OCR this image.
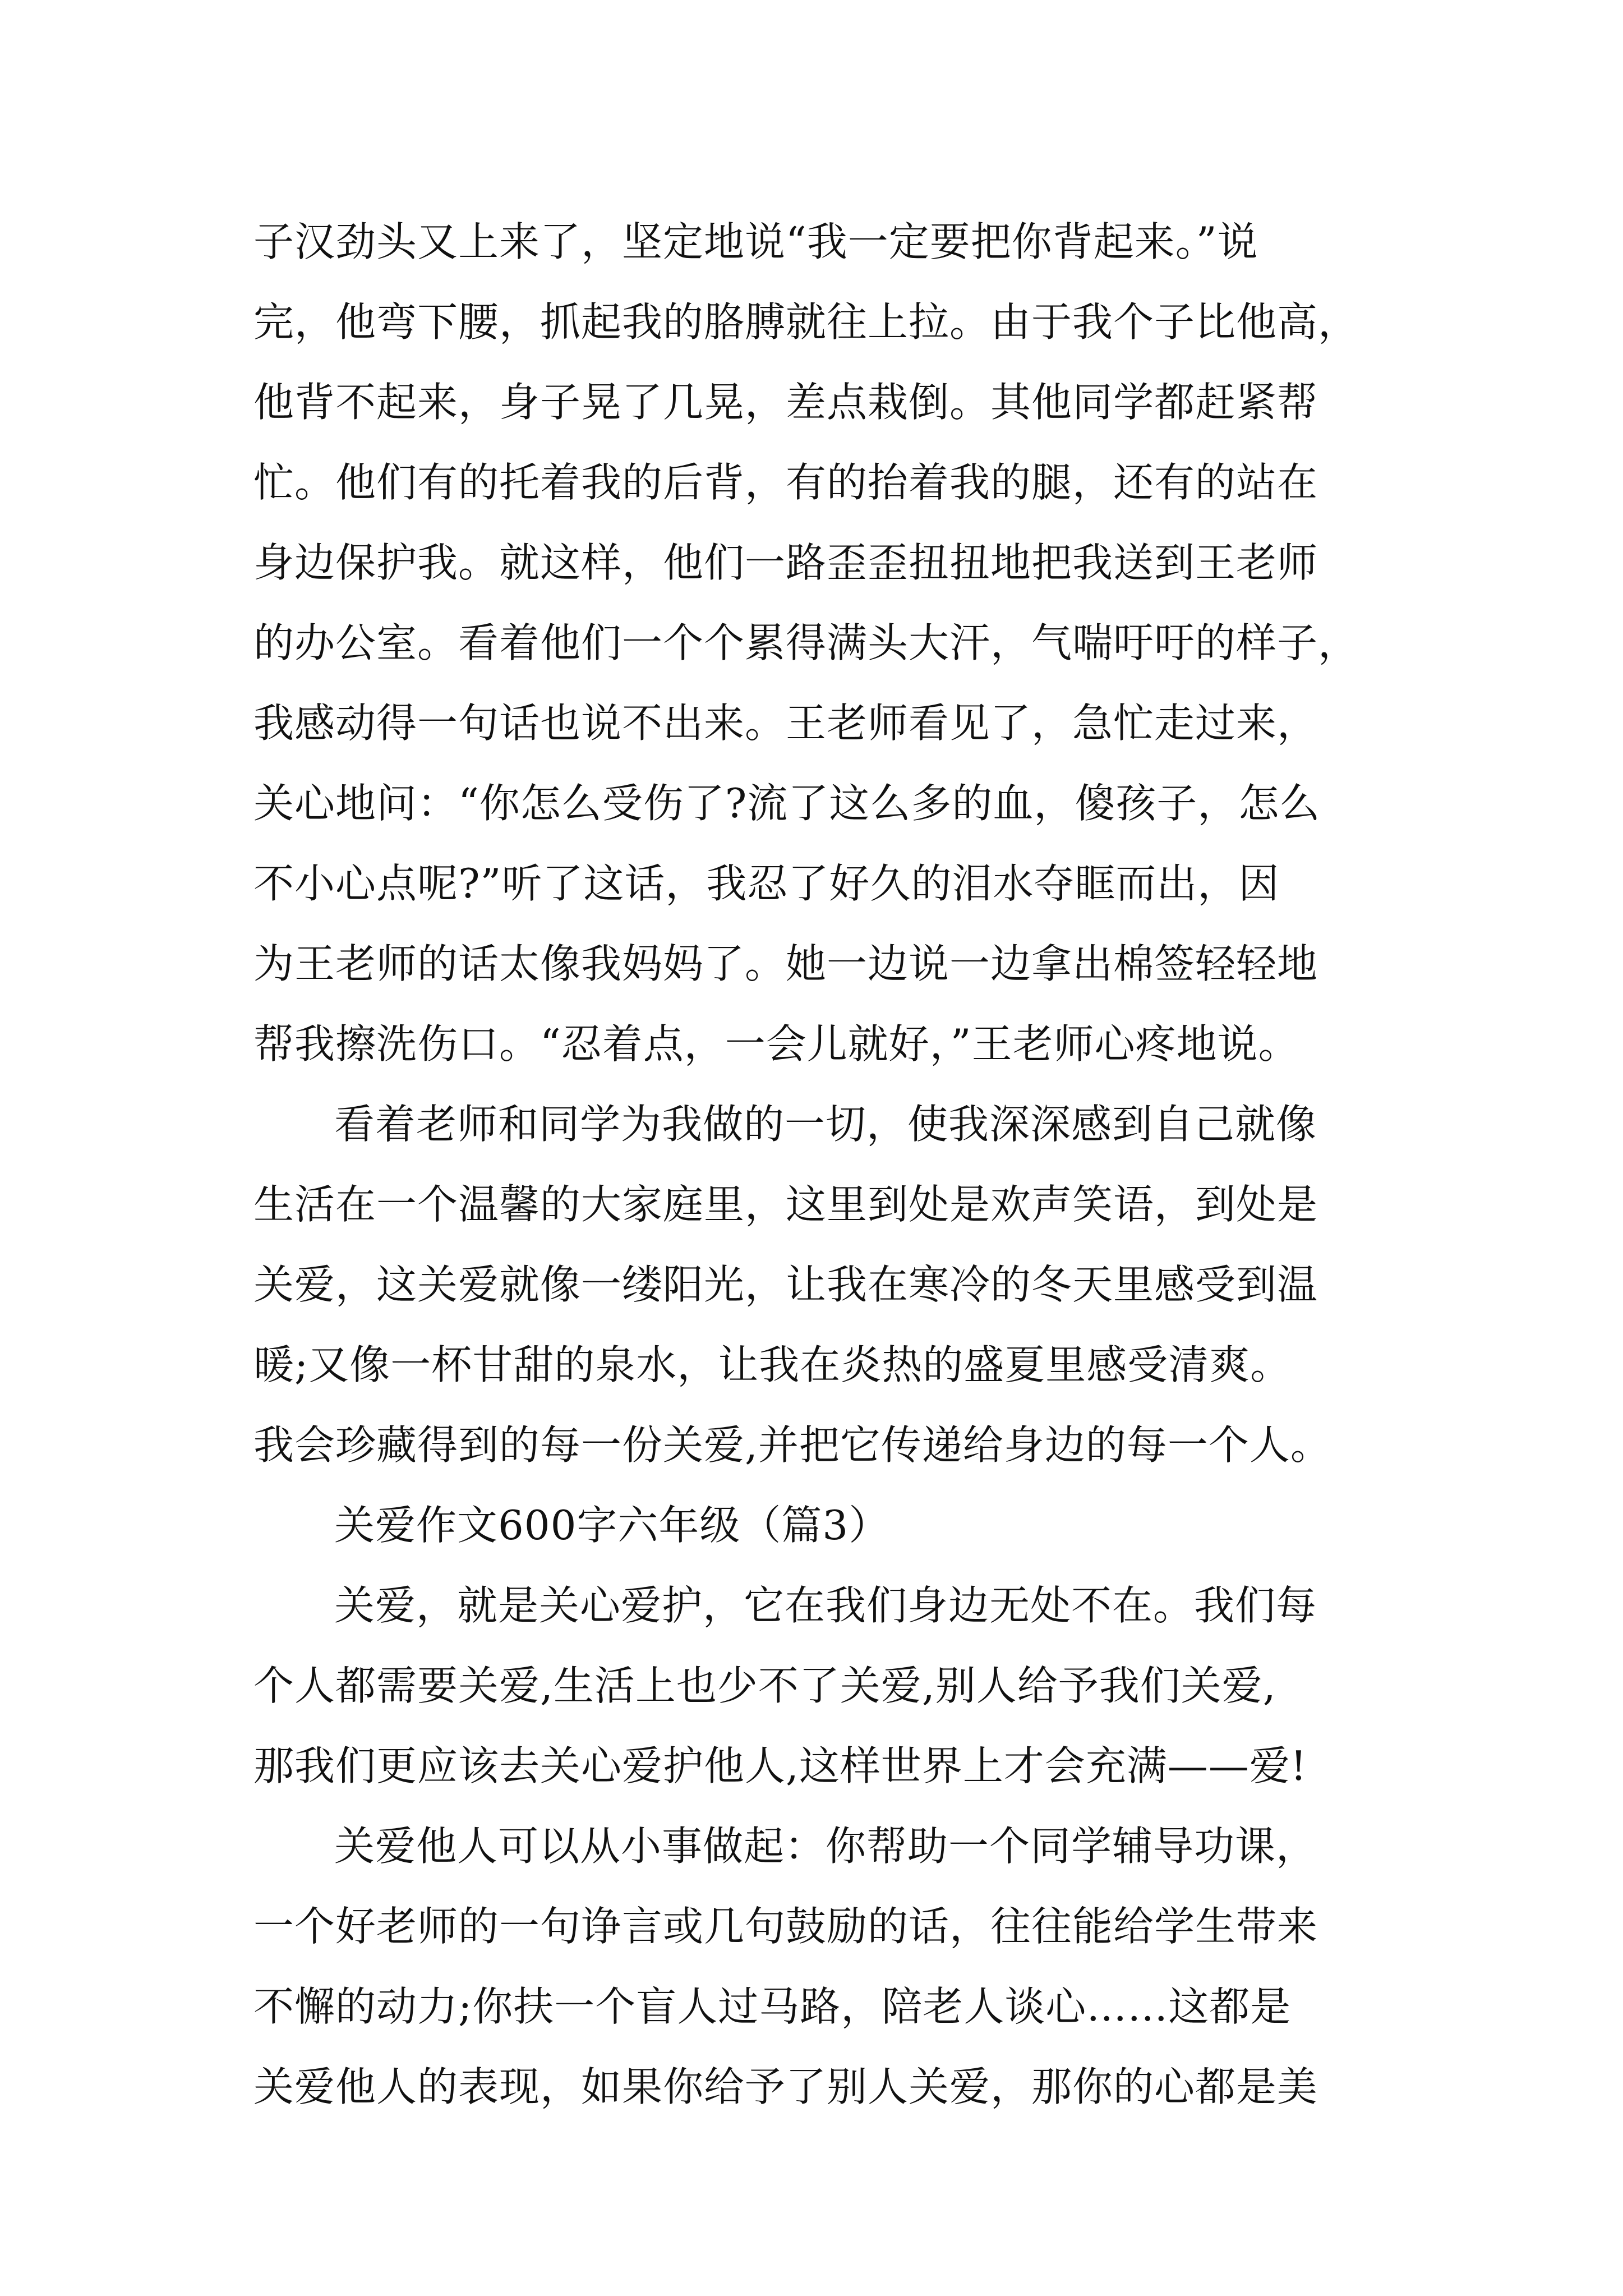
子汉劲头又上来了，坚定地说“我一定要把你背起来。”说
完，他弯下腰，抓起我的胳膊就往上拉。由于我个子比他高，
他背不起来，身子晃了几晃，差点栽倒。其他同学都赶紧帮
忙。他们有的托着我的后背，有的抬着我的腿，还有的站在
身边保护我。就这样，他们一路歪歪扭扭地把我送到王老师
的办公室。看着他们一个个累得满头大汗，气喘吁吁的样子，
我感动得一句话也说不出来。王老师看见了，急忙走过来，
关心地问：“你怎么受伤了?流了这么多的血，傻孩子，怎么
不小心点呢?”听了这话，我忍了好久的泪水夺眶而出，因
为王老师的话太像我妈妈了。她一边说一边拿出棉签轻轻地
帮我擦洗伤口。“忍着点，一会儿就好，”王老师心疼地说。
看着老师和同学为我做的一切，使我深深感到自己就像
生活在一个温馨的大家庭里，这里到处是欢声笑语，到处是
关爱，这关爱就像一缕阳光，让我在寒冷的冬天里感受到温
暖;又像一杯甘甜的泉水，让我在炎热的盛夏里感受清爽。
我会珍藏得到的每一份关爱,并把它传递给身边的每一个人。
关爱作文600字六年级（篇3）
关爱，就是关心爱护，它在我们身边无处不在。我们每
个人都需要关爱,生活上也少不了关爱,别人给予我们关爱,
那我们更应该去关心爱护他人,这样世界上才会充满——爱!
关爱他人可以从小事做起：你帮助一个同学辅导功课，
一个好老师的一句诤言或几句鼓励的话，往往能给学生带来
不懈的动力;你扶一个盲人过马路，陪老人谈心……这都是
关爱他人的表现，如果你给予了别人关爱，那你的心都是美
